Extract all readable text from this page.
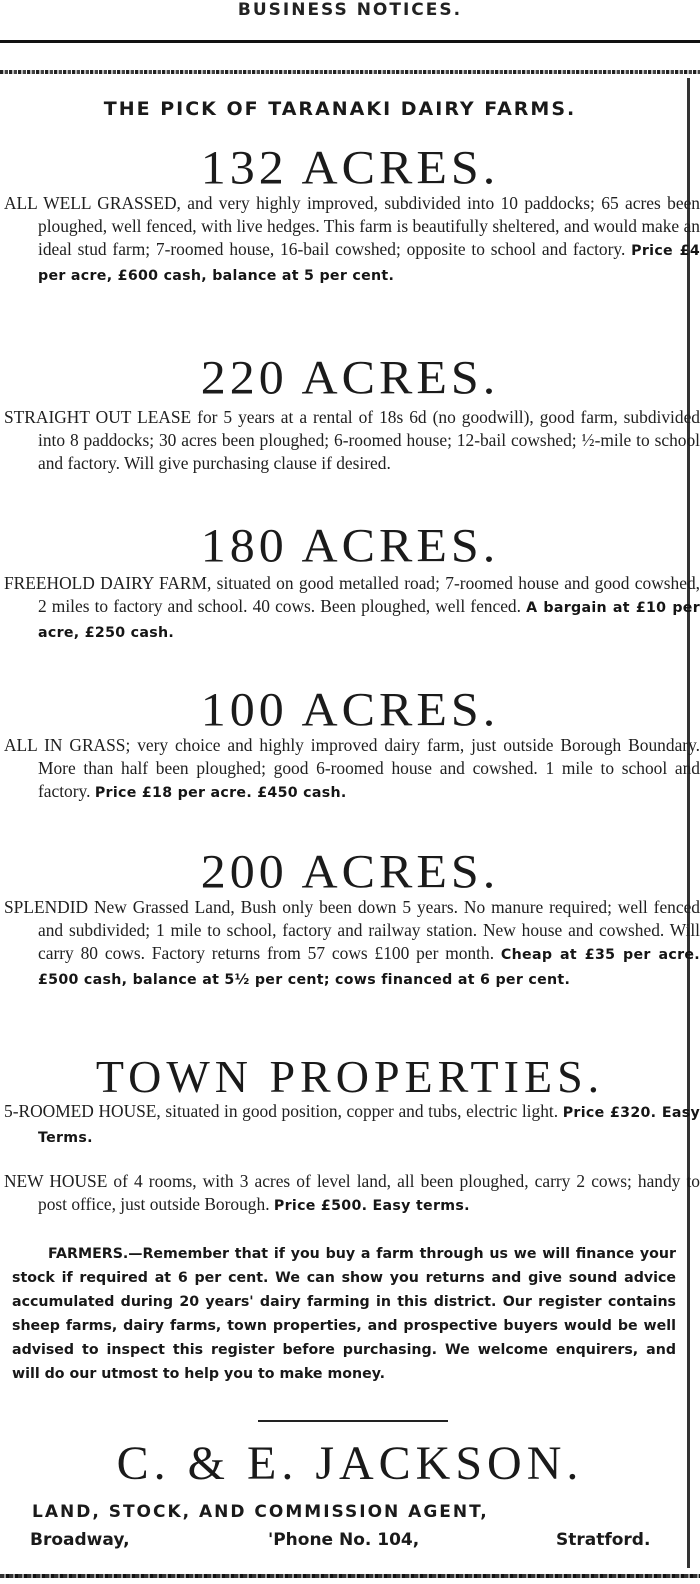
BUSINESS NOTICES.
THE PICK OF TARANAKI DAIRY FARMS.
132 ACRES.

ALL WELL GRASSED, and very highly improved, subdivided into 10 paddocks; 65 acres been ploughed, well fenced, with live hedges. This farm is beautifully sheltered, and would make an ideal stud farm; 7-roomed house, 16-bail cowshed; opposite to school and factory. Price £4 per acre, £600 cash, balance at 5 per cent.

220 ACRES.

STRAIGHT OUT LEASE for 5 years at a rental of 18s 6d (no goodwill), good farm, subdivided into 8 paddocks; 30 acres been ploughed; 6-roomed house; 12-bail cowshed; ½-mile to school and factory. Will give purchasing clause if desired.

180 ACRES.

FREEHOLD DAIRY FARM, situated on good metalled road; 7-roomed house and good cowshed, 2 miles to factory and school. 40 cows. Been ploughed, well fenced. A bargain at £10 per acre, £250 cash.

100 ACRES.

ALL IN GRASS; very choice and highly improved dairy farm, just outside Borough Boundary. More than half been ploughed; good 6-roomed house and cowshed. 1 mile to school and factory. Price £18 per acre. £450 cash.

200 ACRES.

SPLENDID New Grassed Land, Bush only been down 5 years. No manure required; well fenced and subdivided; 1 mile to school, factory and railway station. New house and cowshed. Will carry 80 cows. Factory returns from 57 cows £100 per month. Cheap at £35 per acre. £500 cash, balance at 5½ per cent; cows financed at 6 per cent.

TOWN PROPERTIES.

5-ROOMED HOUSE, situated in good position, copper and tubs, electric light. Price £320. Easy Terms.

NEW HOUSE of 4 rooms, with 3 acres of level land, all been ploughed, carry 2 cows; handy to post office, just outside Borough. Price £500. Easy terms.

FARMERS.—Remember that if you buy a farm through us we will finance your stock if required at 6 per cent. We can show you returns and give sound advice accumulated during 20 years' dairy farming in this district. Our register contains sheep farms, dairy farms, town properties, and prospective buyers would be well advised to inspect this register before purchasing. We welcome enquirers, and will do our utmost to help you to make money.

C. & E. JACKSON.
LAND, STOCK, AND COMMISSION AGENT,
Broadway,	'Phone No. 104,	Stratford.
